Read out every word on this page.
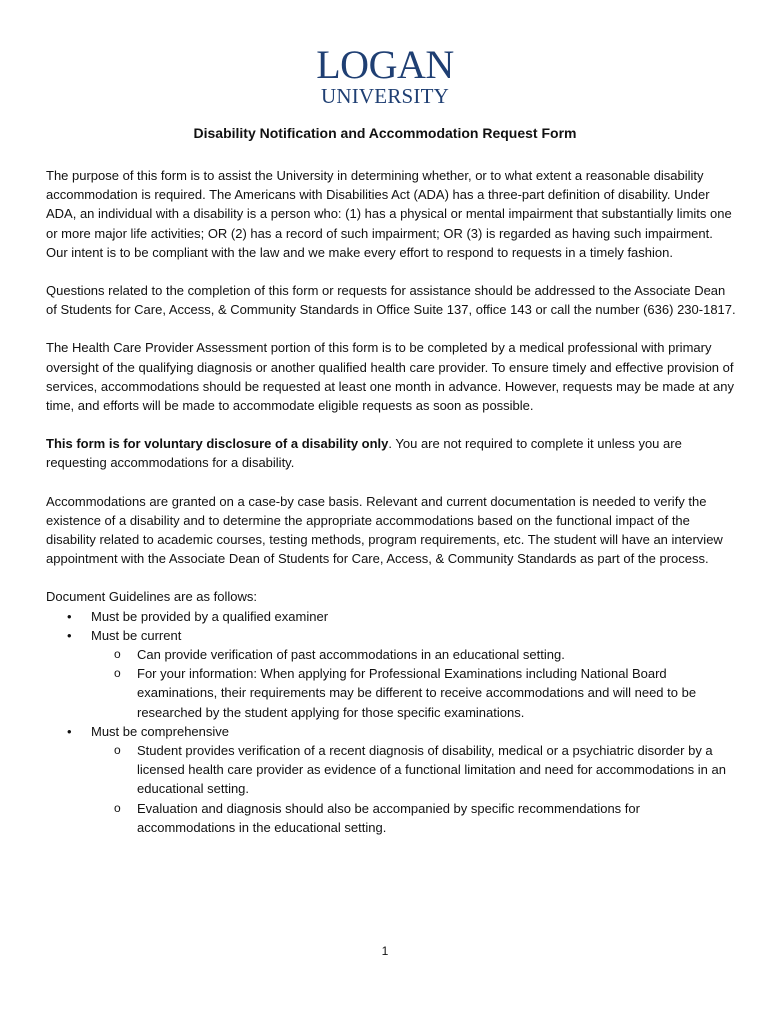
LOGAN
UNIVERSITY
Disability Notification and Accommodation Request Form

The purpose of this form is to assist the University in determining whether, or to what extent a reasonable disability accommodation is required. The Americans with Disabilities Act (ADA) has a three-part definition of disability. Under ADA, an individual with a disability is a person who: (1) has a physical or mental impairment that substantially limits one or more major life activities; OR (2) has a record of such impairment; OR (3) is regarded as having such impairment. Our intent is to be compliant with the law and we make every effort to respond to requests in a timely fashion.

Questions related to the completion of this form or requests for assistance should be addressed to the Associate Dean of Students for Care, Access, & Community Standards in Office Suite 137, office 143 or call the number (636) 230-1817.

The Health Care Provider Assessment portion of this form is to be completed by a medical professional with primary oversight of the qualifying diagnosis or another qualified health care provider. To ensure timely and effective provision of services, accommodations should be requested at least one month in advance. However, requests may be made at any time, and efforts will be made to accommodate eligible requests as soon as possible.

This form is for voluntary disclosure of a disability only. You are not required to complete it unless you are requesting accommodations for a disability.

Accommodations are granted on a case-by case basis. Relevant and current documentation is needed to verify the existence of a disability and to determine the appropriate accommodations based on the functional impact of the disability related to academic courses, testing methods, program requirements, etc. The student will have an interview appointment with the Associate Dean of Students for Care, Access, & Community Standards as part of the process.

Document Guidelines are as follows:

• Must be provided by a qualified examiner
• Must be current
o Can provide verification of past accommodations in an educational setting.
o For your information: When applying for Professional Examinations including National Board examinations, their requirements may be different to receive accommodations and will need to be researched by the student applying for those specific examinations.
• Must be comprehensive
o Student provides verification of a recent diagnosis of disability, medical or a psychiatric disorder by a licensed health care provider as evidence of a functional limitation and need for accommodations in an educational setting.
o Evaluation and diagnosis should also be accompanied by specific recommendations for accommodations in the educational setting.
1
